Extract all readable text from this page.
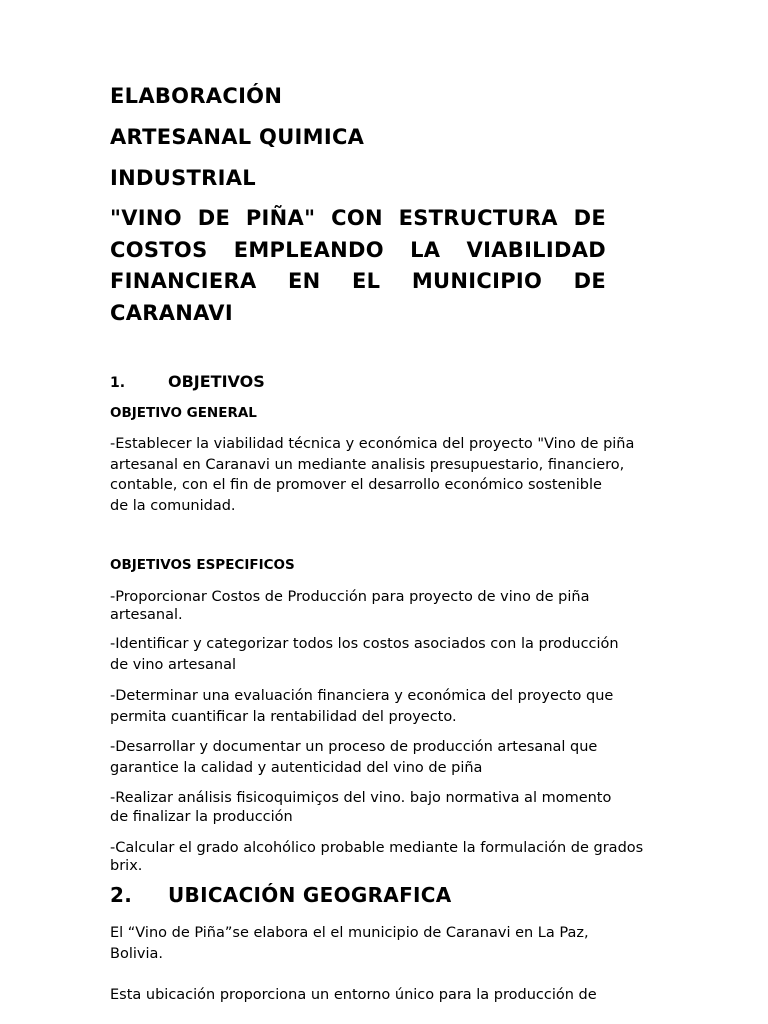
ELABORACIÓN
ARTESANAL QUIMICA
INDUSTRIAL
"VINO DE PIÑA" CON ESTRUCTURA DE COSTOS EMPLEANDO LA VIABILIDAD FINANCIERA EN EL MUNICIPIO DE CARANAVI
1.	OBJETIVOS
OBJETIVO GENERAL
-Establecer la viabilidad técnica y económica del proyecto "Vino de piña
artesanal en Caranavi un mediante analisis presupuestario, financiero,
contable, con el fin de promover el desarrollo económico sostenible
de la comunidad.
OBJETIVOS ESPECIFICOS
-Proporcionar Costos de Producción para proyecto de vino de piña
artesanal.
-Identificar y categorizar todos los costos asociados con la producción
de vino artesanal
-Determinar una evaluación financiera y económica del proyecto que
permita cuantificar la rentabilidad del proyecto.
-Desarrollar y documentar un proceso de producción artesanal que
garantice la calidad y autenticidad del vino de piña
-Realizar análisis fisicoquimiços del vino. bajo normativa al momento
de finalizar la producción
-Calcular el grado alcohólico probable mediante la formulación de grados
brix.
2. UBICACIÓN GEOGRAFICA
El “Vino de Piña”se elabora el el municipio de Caranavi en La Paz,
Bolivia.
Esta ubicación proporciona un entorno único para la producción de
